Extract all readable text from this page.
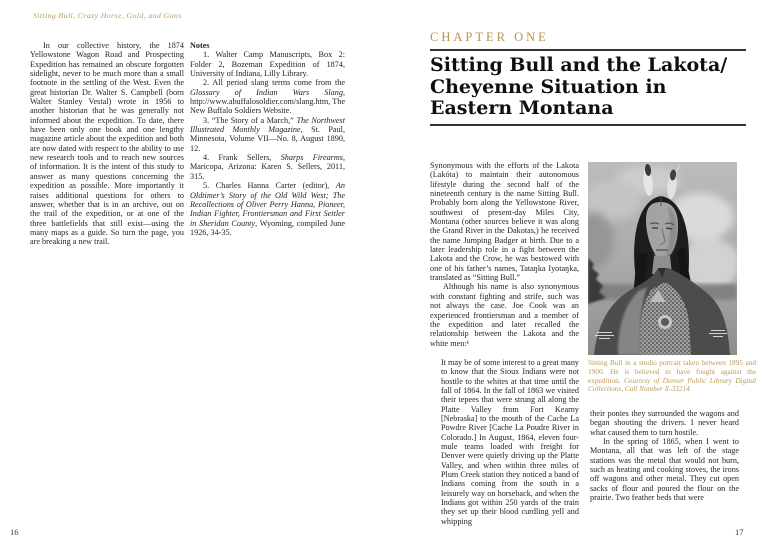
Sitting Bull, Crazy Horse, Gold, and Guns

In our collective history, the 1874 Yellowstone Wagon Road and Prospecting Expedition has remained an obscure forgotten sidelight, never to be much more than a small footnote in the settling of the West. Even the great historian Dr. Walter S. Campbell (born Walter Stanley Vestal) wrote in 1956 to another historian that he was generally not informed about the expedition. To date, there have been only one book and one lengthy magazine article about the expedition and both are now dated with respect to the ability to use new research tools and to reach new sources of information. It is the intent of this study to answer as many questions concerning the expedition as possible. More importantly it raises additional questions for others to answer, whether that is in an archive, out on the trail of the expedition, or at one of the three battlefields that still exist—using the many maps as a guide. So turn the page, you are breaking a new trail.

Notes

1. Walter Camp Manuscripts, Box 2: Folder 2, Bozeman Expedition of 1874, University of Indiana, Lilly Library.

2. All period slang terms come from the Glossary of Indian Wars Slang, http://www.abuffalosoldier.com/slang.htm, The New Buffalo Soldiers Website.

3. “The Story of a March,” The Northwest Illustrated Monthly Magazine, St. Paul, Minnesota, Volume VII—No. 8, August 1890, 12.

4. Frank Sellers, Sharps Firearms, Maricopa, Arizona: Karen S. Sellers, 2011, 315.

5. Charles Hanna Carter (editor), An Oldtimer’s Story of the Old Wild West; The Recollections of Oliver Perry Hanna, Pioneer, Indian Fighter, Frontiersman and First Settler in Sheridan County, Wyoming, compiled June 1926, 34-35.

16
CHAPTER ONE
Sitting Bull and the Lakota/
Cheyenne Situation in
Eastern Montana

Synonymous with the efforts of the Lakota (Lakóta) to maintain their autonomous lifestyle during the second half of the nineteenth century is the name Sitting Bull. Probably born along the Yellowstone River, southwest of present-day Miles City, Montana (other sources believe it was along the Grand River in the Dakotas,) he received the name Jumping Badger at birth. Due to a later leadership role in a fight between the Lakota and the Crow, he was bestowed with one of his father’s names, Tataŋka Iyotaŋka, translated as “Sitting Bull.”

Although his name is also synonymous with constant fighting and strife, such was not always the case. Joe Cook was an experienced frontiersman and a member of the expedition and later recalled the relationship between the Lakota and the white men:¹

It may be of some interest to a great many to know that the Sioux Indians were not hostile to the whites at that time until the fall of 1864. In the fall of 1863 we visited their tepees that were strung all along the Platte Valley from Fort Kearny [Nebraska] to the mouth of the Cache La Powdre River [Cache La Poudre River in Colorado.] In August, 1864, eleven four-mule teams loaded with freight for Denver were quietly driving up the Platte Valley, and when within three miles of Plum Creek station they noticed a band of Indians coming from the south in a leisurely way on horseback, and when the Indians got within 250 yards of the train they set up their blood curdling yell and whipping

Sitting Bull in a studio portrait taken between 1895 and 1900. He is believed to have fought against the expedition. Courtesy of Denver Public Library Digital Collections, Call Number X-33214

their ponies they surrounded the wagons and began shooting the drivers. I never heard what caused them to turn hostile.

In the spring of 1865, when I went to Montana, all that was left of the stage stations was the metal that would not burn, such as heating and cooking stoves, the irons off wagons and other metal. They cut open sacks of flour and poured the flour on the prairie. Two feather beds that were

17
